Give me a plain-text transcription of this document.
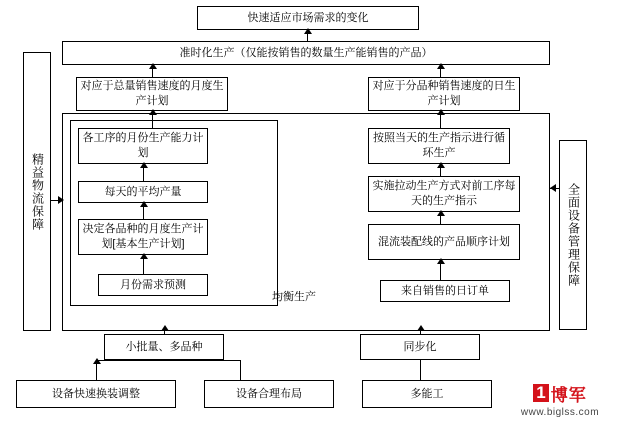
快速适应市场需求的变化
准时化生产（仅能按销售的数量生产能销售的产品）
精益物流保障	全面设备管理保障
对应于总量销售速度的月度生产计划
各工序的月份生产能力计划
每天的平均产量
决定各品种的月度生产计划[基本生产计划]
月份需求预测
对应于分品种销售速度的日生产计划
按照当天的生产指示进行循环生产
实施拉动生产方式对前工序每天的生产指示
混流装配线的产品顺序计划
来自销售的日订单
均衡生产
小批量、多品种	同步化
设备快速换装调整	设备合理布局	多能工	1 博军
www.biglss.com
